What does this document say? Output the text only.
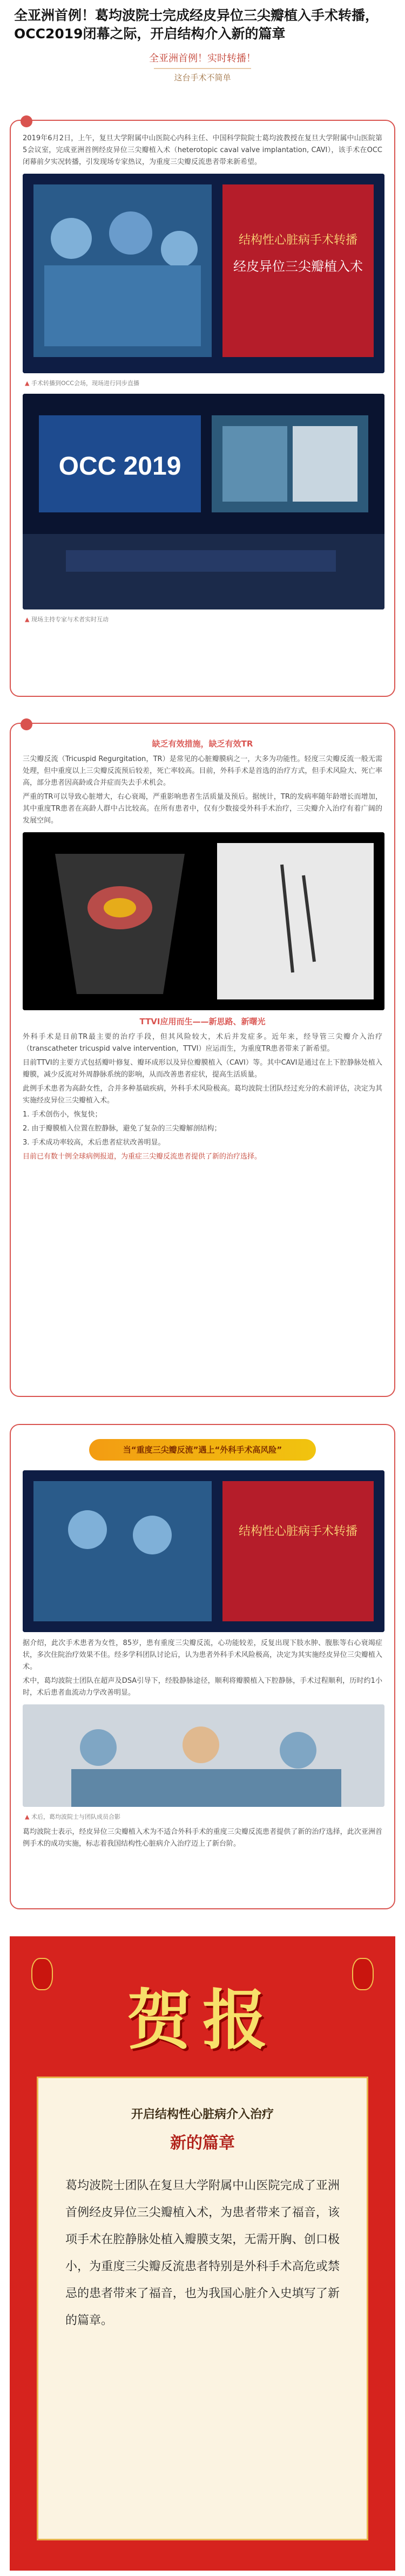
全亚洲首例！葛均波院士完成经皮异位三尖瓣植入手术转播，OCC2019闭幕之际，开启结构介入新的篇章
全亚洲首例！实时转播！
这台手术不简单
2019年6月2日，上午，复旦大学附属中山医院心内科主任、中国科学院院士葛均波教授在复旦大学附属中山医院第5会议室，完成亚洲首例经皮异位三尖瓣植入术（heterotopic caval valve implantation, CAVI），该手术在OCC闭幕前夕实况转播，引发现场专家热议，为重度三尖瓣反流患者带来新希望。
结构性心脏病手术转播
经皮异位三尖瓣植入术
▲ 手术转播到OCC会场，现场进行同步直播
OCC 2019
▲ 现场主持专家与术者实时互动
缺乏有效措施，缺乏有效TR

三尖瓣反流（Tricuspid Regurgitation，TR）是常见的心脏瓣膜病之一，大多为功能性。轻度三尖瓣反流一般无需处理，但中重度以上三尖瓣反流预后较差，死亡率较高。目前，外科手术是首选的治疗方式，但手术风险大、死亡率高，部分患者因高龄或合并症而失去手术机会。

严重的TR可以导致心脏增大，右心衰竭，严重影响患者生活质量及预后。据统计，TR的发病率随年龄增长而增加，其中重度TR患者在高龄人群中占比较高。在所有患者中，仅有少数接受外科手术治疗，三尖瓣介入治疗有着广阔的发展空间。

TTVI应用而生——新思路、新曙光

外科手术是目前TR最主要的治疗手段，但其风险较大，术后并发症多。近年来，经导管三尖瓣介入治疗（transcatheter tricuspid valve intervention，TTVI）应运而生，为重度TR患者带来了新希望。

目前TTVI的主要方式包括瓣叶修复、瓣环成形以及异位瓣膜植入（CAVI）等。其中CAVI是通过在上下腔静脉处植入瓣膜，减少反流对外周静脉系统的影响，从而改善患者症状，提高生活质量。

此例手术患者为高龄女性，合并多种基础疾病，外科手术风险极高。葛均波院士团队经过充分的术前评估，决定为其实施经皮异位三尖瓣植入术。

1. 手术创伤小，恢复快；

2. 由于瓣膜植入位置在腔静脉，避免了复杂的三尖瓣解剖结构；

3. 手术成功率较高，术后患者症状改善明显。

目前已有数十例全球病例报道，为重症三尖瓣反流患者提供了新的治疗选择。

当“重度三尖瓣反流”遇上“外科手术高风险”
结构性心脏病手术转播

据介绍，此次手术患者为女性，85岁，患有重度三尖瓣反流，心功能较差，反复出现下肢水肿、腹胀等右心衰竭症状，多次住院治疗效果不佳。经多学科团队讨论后，认为患者外科手术风险极高，决定为其实施经皮异位三尖瓣植入术。

术中，葛均波院士团队在超声及DSA引导下，经股静脉途径，顺利将瓣膜植入下腔静脉，手术过程顺利，历时约1小时，术后患者血流动力学改善明显。

▲ 术后，葛均波院士与团队成员合影
葛均波院士表示，经皮异位三尖瓣植入术为不适合外科手术的重度三尖瓣反流患者提供了新的治疗选择，此次亚洲首例手术的成功实施，标志着我国结构性心脏病介入治疗迈上了新台阶。
贺报
开启结构性心脏病介入治疗
新的篇章
葛均波院士团队在复旦大学附属中山医院完成了亚洲首例经皮异位三尖瓣植入术，为患者带来了福音，该项手术在腔静脉处植入瓣膜支架，无需开胸、创口极小，为重度三尖瓣反流患者特别是外科手术高危或禁忌的患者带来了福音，也为我国心脏介入史填写了新的篇章。
